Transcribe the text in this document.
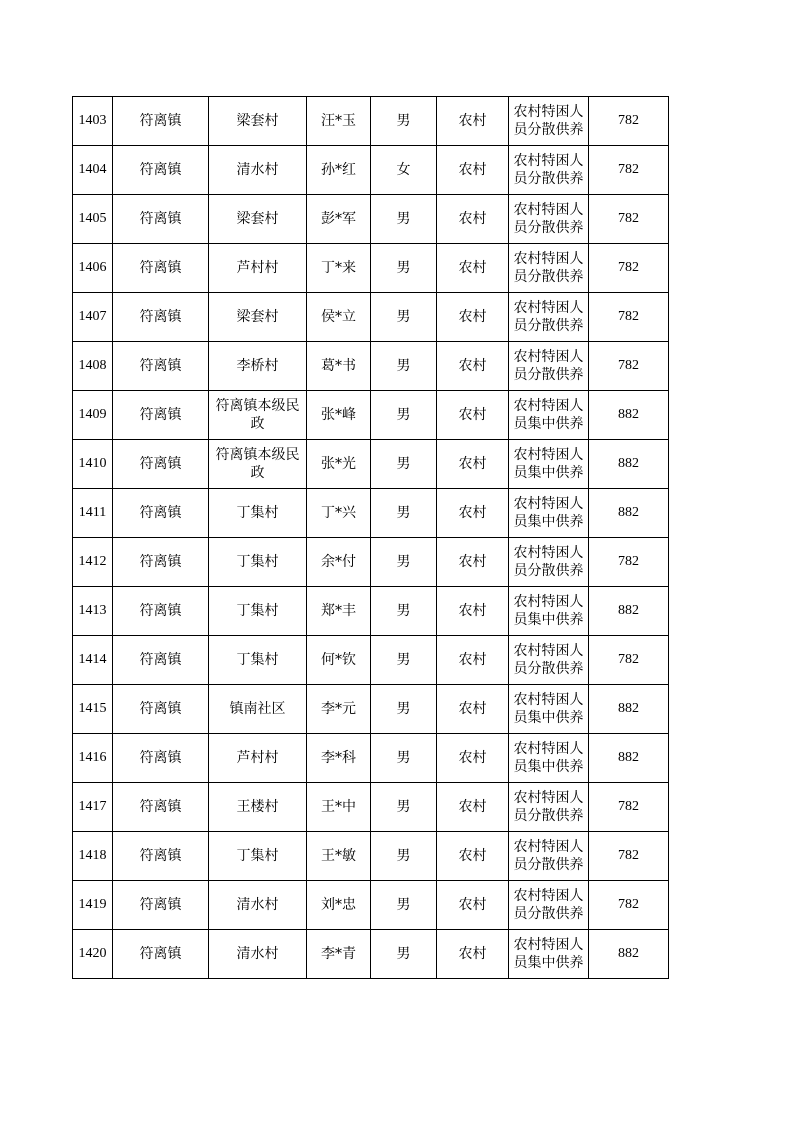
1403	符离镇	梁套村	汪*玉	男	农村	农村特困人员分散供养	782
1404	符离镇	清水村	孙*红	女	农村	农村特困人员分散供养	782
1405	符离镇	梁套村	彭*军	男	农村	农村特困人员分散供养	782
1406	符离镇	芦村村	丁*来	男	农村	农村特困人员分散供养	782
1407	符离镇	梁套村	侯*立	男	农村	农村特困人员分散供养	782
1408	符离镇	李桥村	葛*书	男	农村	农村特困人员分散供养	782
1409	符离镇	符离镇本级民政	张*峰	男	农村	农村特困人员集中供养	882
1410	符离镇	符离镇本级民政	张*光	男	农村	农村特困人员集中供养	882
1411	符离镇	丁集村	丁*兴	男	农村	农村特困人员集中供养	882
1412	符离镇	丁集村	余*付	男	农村	农村特困人员分散供养	782
1413	符离镇	丁集村	郑*丰	男	农村	农村特困人员集中供养	882
1414	符离镇	丁集村	何*钦	男	农村	农村特困人员分散供养	782
1415	符离镇	镇南社区	李*元	男	农村	农村特困人员集中供养	882
1416	符离镇	芦村村	李*科	男	农村	农村特困人员集中供养	882
1417	符离镇	王楼村	王*中	男	农村	农村特困人员分散供养	782
1418	符离镇	丁集村	王*敏	男	农村	农村特困人员分散供养	782
1419	符离镇	清水村	刘*忠	男	农村	农村特困人员分散供养	782
1420	符离镇	清水村	李*青	男	农村	农村特困人员集中供养	882
